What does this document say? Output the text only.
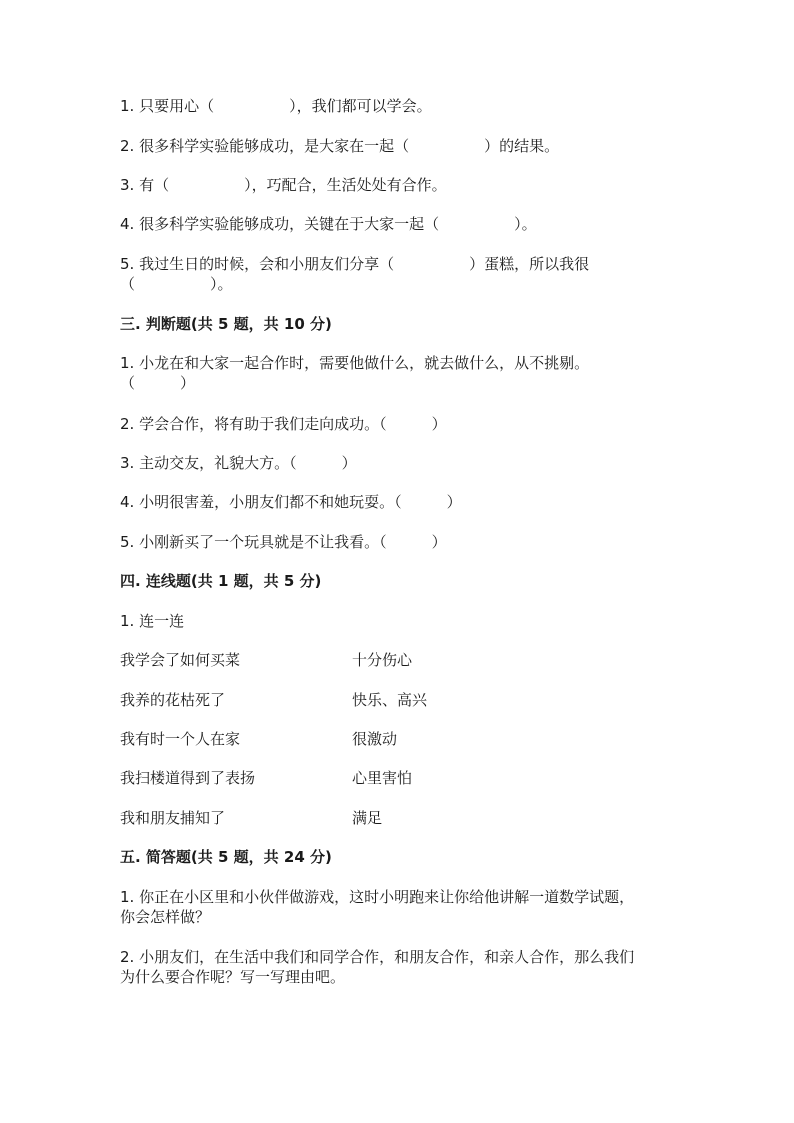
1. 只要用心（　　　　　），我们都可以学会。
2. 很多科学实验能够成功，是大家在一起（　　　　　）的结果。
3. 有（　　　　　），巧配合，生活处处有合作。
4. 很多科学实验能够成功，关键在于大家一起（　　　　　）。
5. 我过生日的时候，会和小朋友们分享（　　　　　）蛋糕，所以我很
（　　　　　）。
三. 判断题(共 5 题，共 10 分)
1. 小龙在和大家一起合作时，需要他做什么，就去做什么，从不挑剔。
（　　　）
2. 学会合作，将有助于我们走向成功。（　　　）
3. 主动交友，礼貌大方。（　　　）
4. 小明很害羞，小朋友们都不和她玩耍。（　　　）
5. 小刚新买了一个玩具就是不让我看。（　　　）
四. 连线题(共 1 题，共 5 分)
1. 连一连
我学会了如何买菜	十分伤心
我养的花枯死了	快乐、高兴
我有时一个人在家	很激动
我扫楼道得到了表扬	心里害怕
我和朋友捕知了	满足
五. 简答题(共 5 题，共 24 分)
1. 你正在小区里和小伙伴做游戏，这时小明跑来让你给他讲解一道数学试题，
你会怎样做？
2. 小朋友们，在生活中我们和同学合作，和朋友合作，和亲人合作，那么我们
为什么要合作呢？写一写理由吧。
